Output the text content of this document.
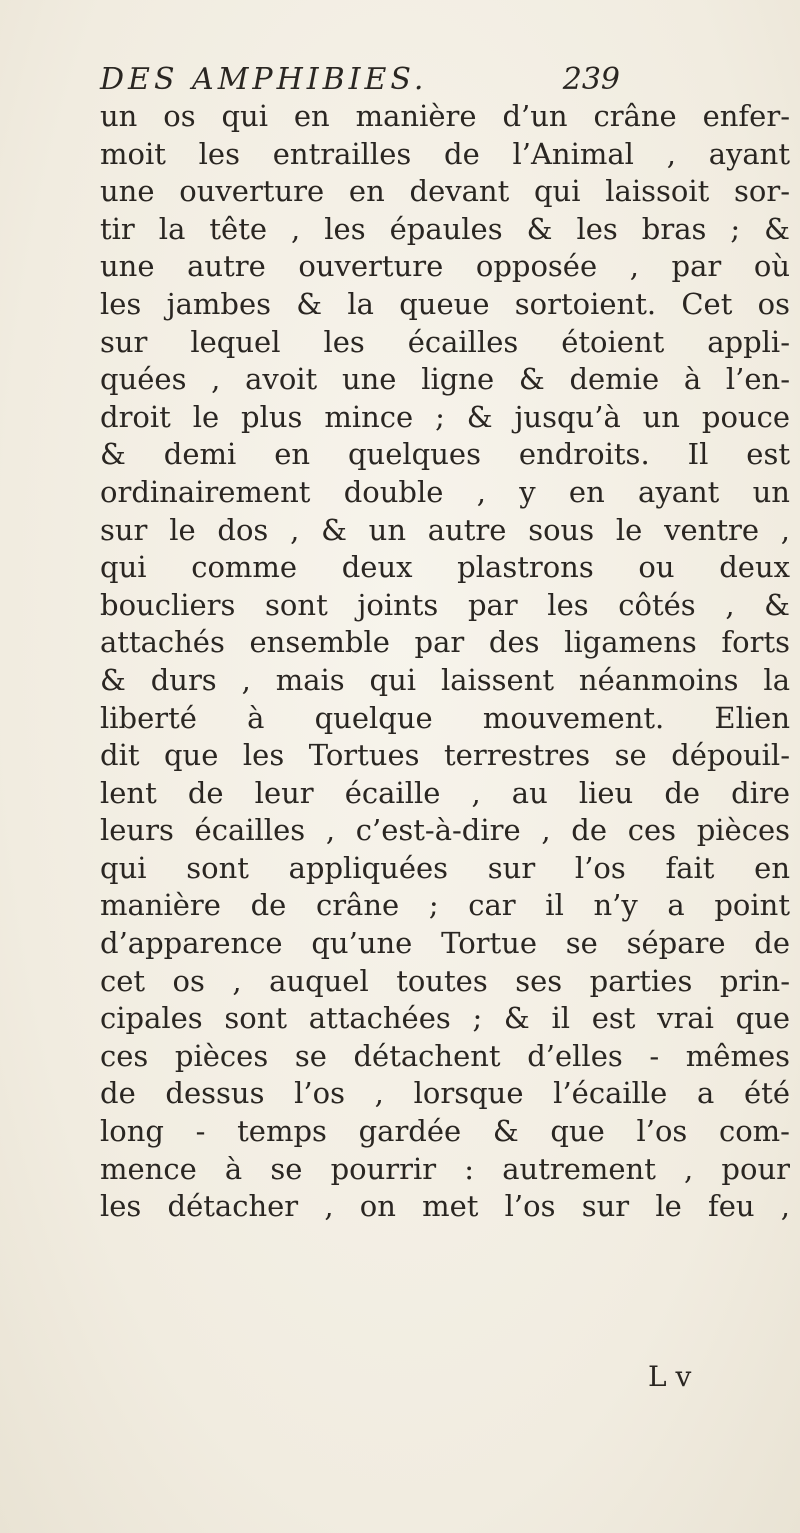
DES AMPHIBIES.	239
un os qui en manière d’un crâne enfer-
moit les entrailles de l’Animal , ayant
une ouverture en devant qui laissoit sor-
tir la tête , les épaules & les bras ; &
une autre ouverture opposée , par où
les jambes & la queue sortoient. Cet os
sur lequel les écailles étoient appli-
quées , avoit une ligne & demie à l’en-
droit le plus mince ; & jusqu’à un pouce
& demi en quelques endroits. Il est
ordinairement double , y en ayant un
sur le dos , & un autre sous le ventre ,
qui comme deux plastrons ou deux
boucliers sont joints par les côtés , &
attachés ensemble par des ligamens forts
& durs , mais qui laissent néanmoins la
liberté à quelque mouvement. Elien
dit que les Tortues terrestres se dépouil-
lent de leur écaille , au lieu de dire
leurs écailles , c’est-à-dire , de ces pièces
qui sont appliquées sur l’os fait en
manière de crâne ; car il n’y a point
d’apparence qu’une Tortue se sépare de
cet os , auquel toutes ses parties prin-
cipales sont attachées ; & il est vrai que
ces pièces se détachent d’elles - mêmes
de dessus l’os , lorsque l’écaille a été
long - temps gardée & que l’os com-
mence à se pourrir : autrement , pour
les détacher , on met l’os sur le feu ,
L v
